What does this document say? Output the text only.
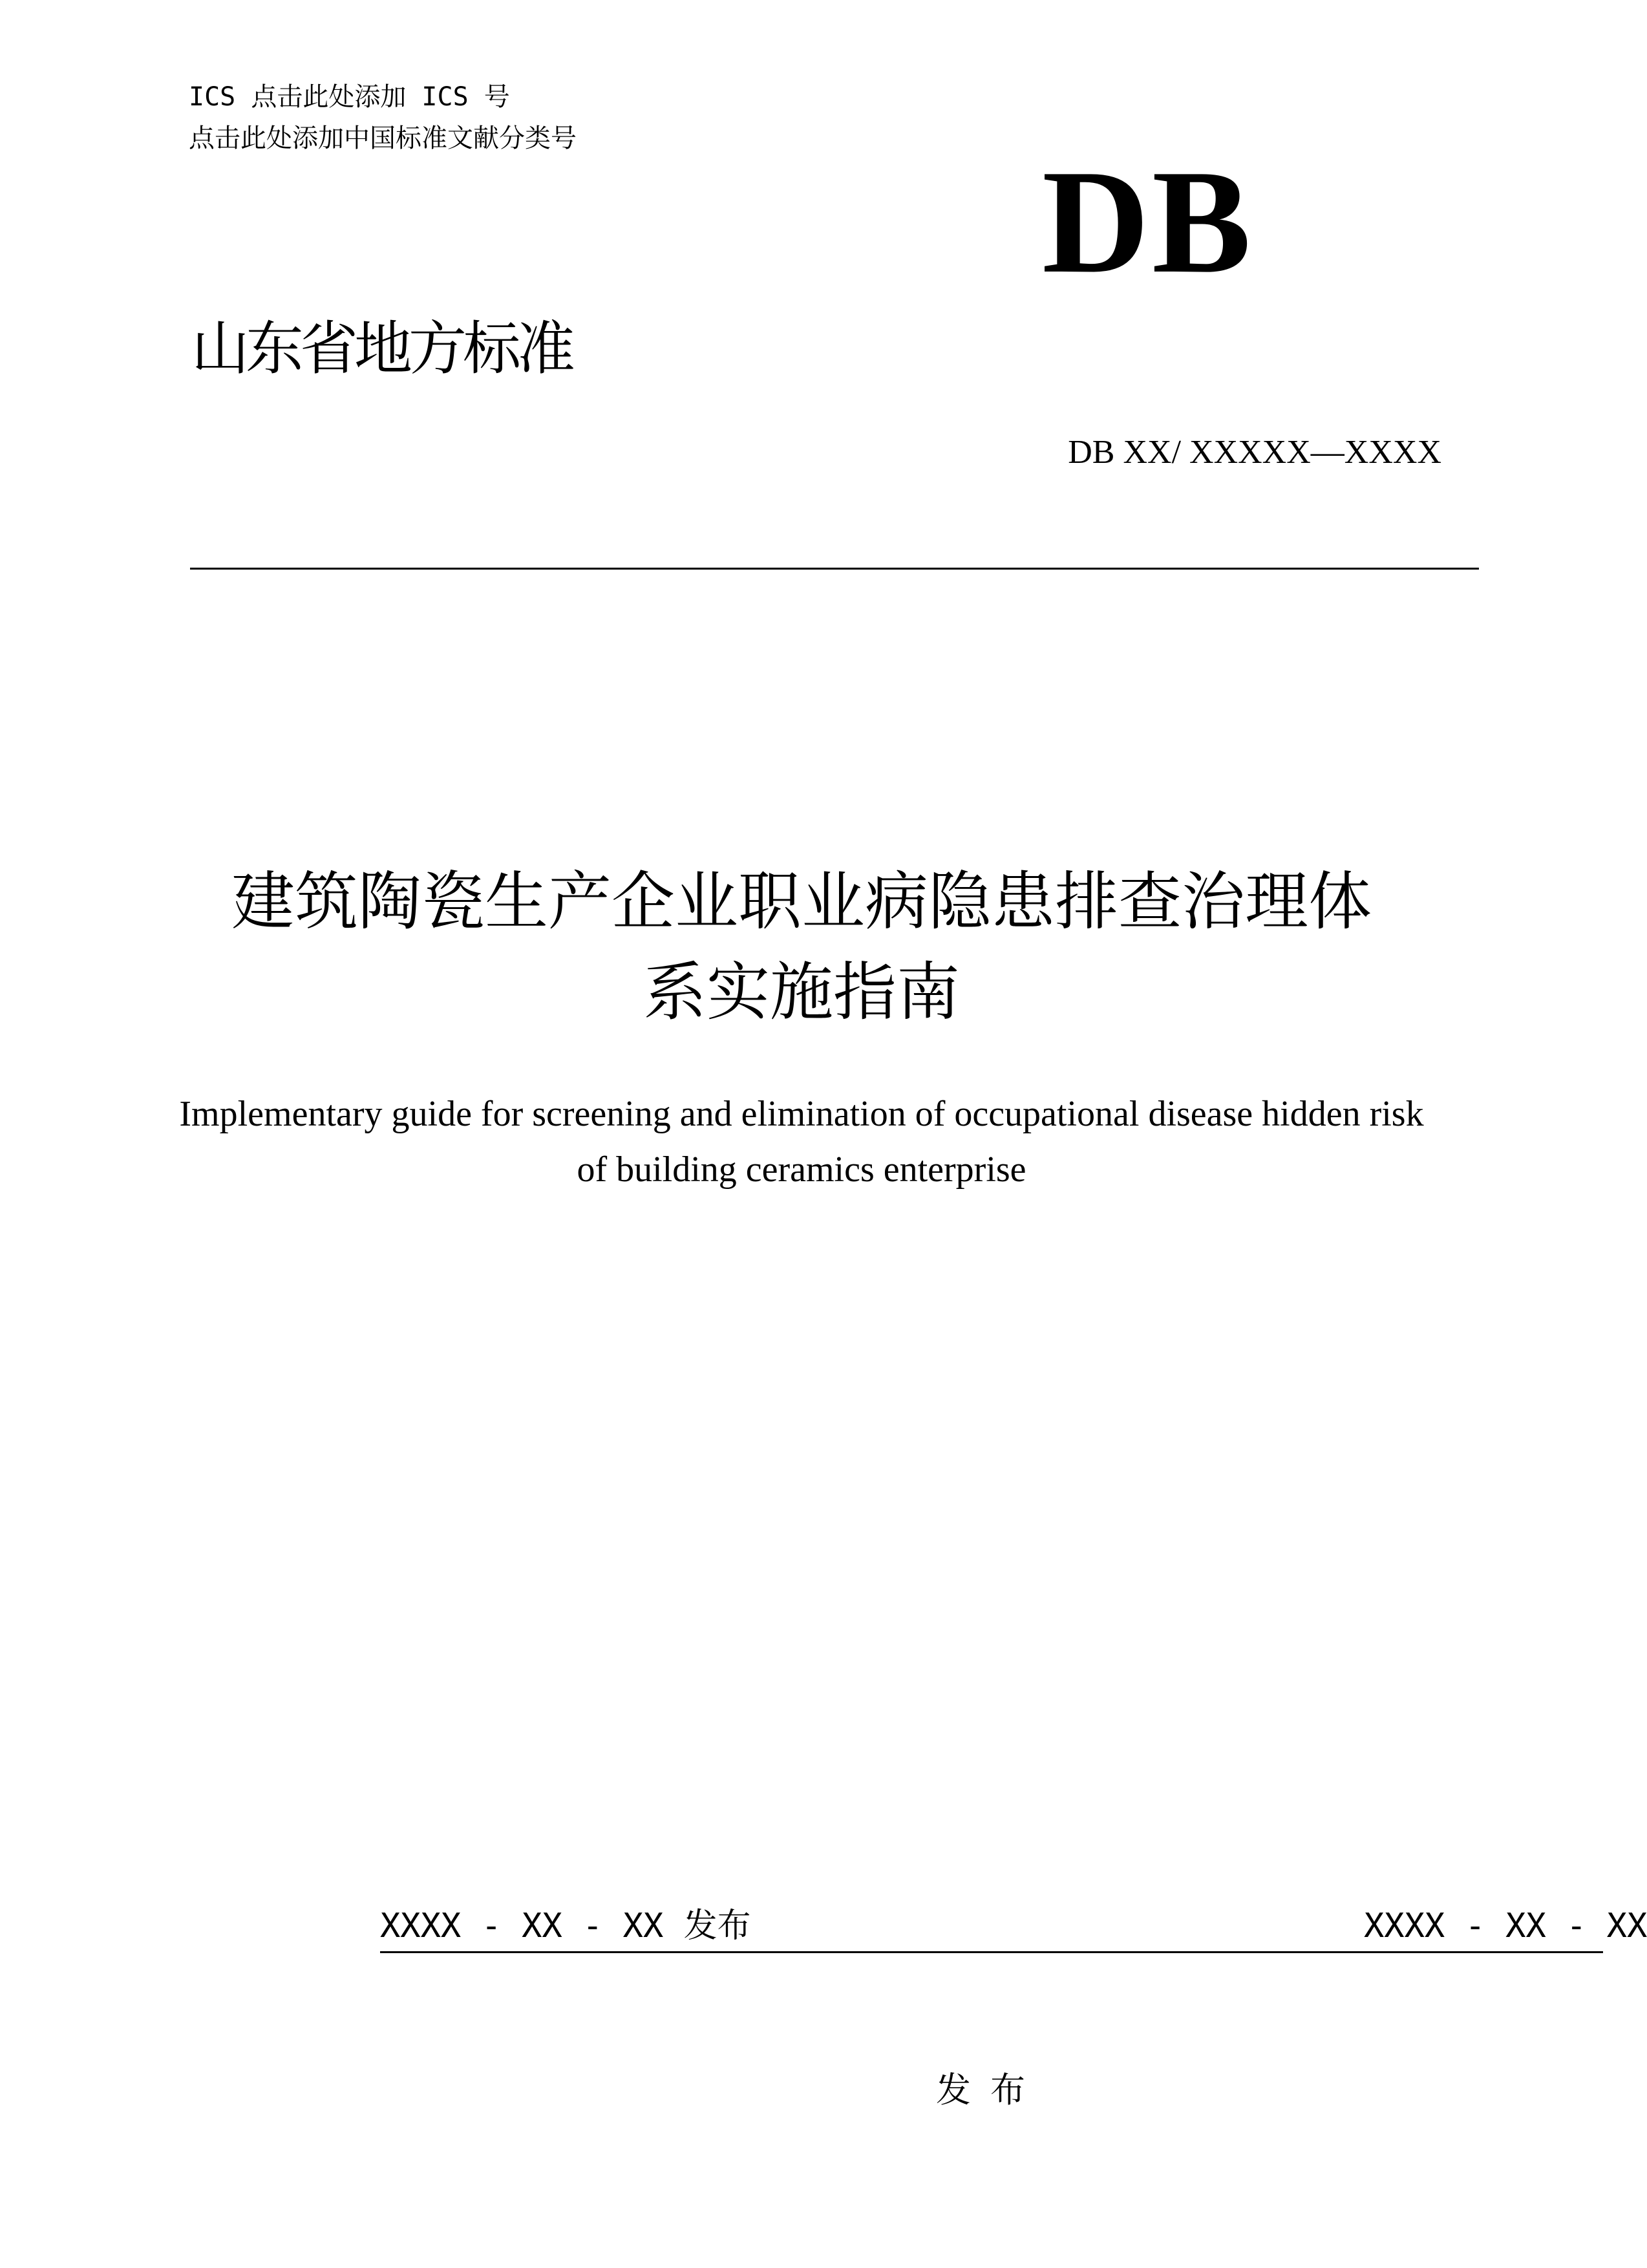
ICS 点击此处添加 ICS 号
点击此处添加中国标准文献分类号
DB
山东省地方标准
DB XX/ XXXXX—XXXX
建筑陶瓷生产企业职业病隐患排查治理体
系实施指南
Implementary guide for screening and elimination of occupational disease hidden risk
of building ceramics enterprise
XXXX - XX - XX 发布	XXXX - XX - XX
发布
